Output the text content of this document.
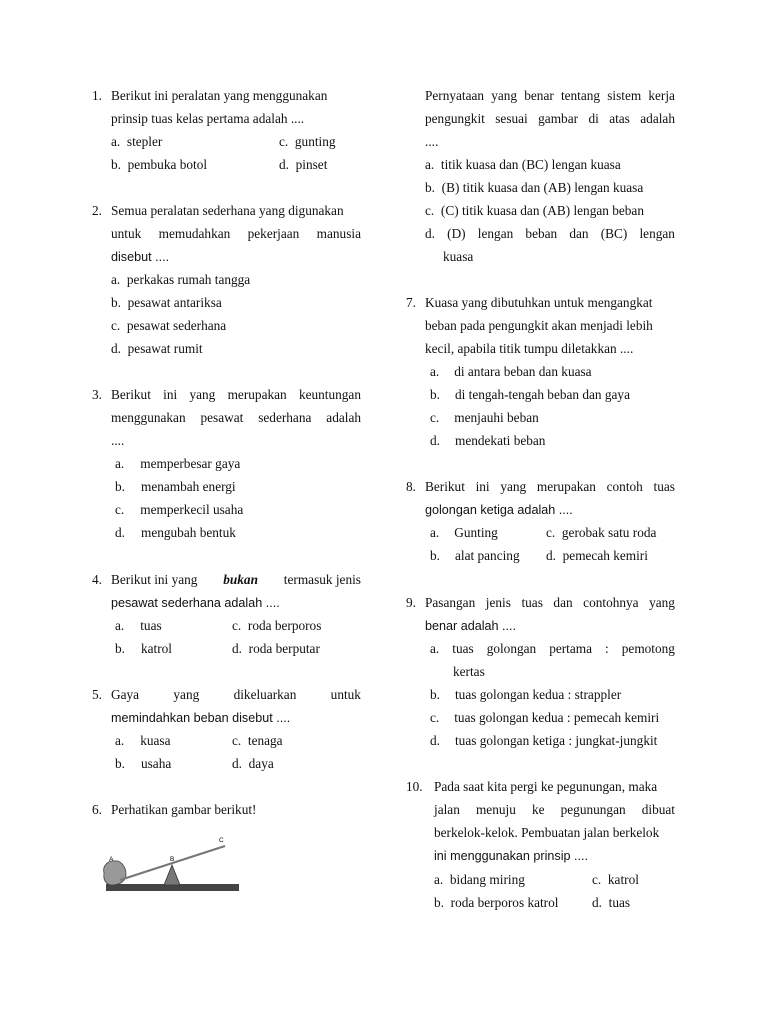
1. Berikut ini peralatan yang menggunakan
prinsip tuas kelas pertama adalah ....
a. stepler	c. gunting
b. pembuka botol	d. pinset
2. Semua peralatan sederhana yang digunakan
untuk memudahkan pekerjaan manusia
disebut ....
a. perkakas rumah tangga
b. pesawat antariksa
c. pesawat sederhana
d. pesawat rumit
3. Berikut ini yang merupakan keuntungan
menggunakan pesawat sederhana adalah
....
a. memperbesar gaya
b. menambah energi
c. memperkecil usaha
d. mengubah bentuk
4. Berikut ini yang bukan termasuk jenis
pesawat sederhana adalah ....
a. tuas	c. roda berporos
b. katrol	d. roda berputar
5. Gaya	yang	dikeluarkan	untuk
memindahkan beban disebut ....
a. kuasa	c. tenaga
b. usaha	d. daya
6. Perhatikan gambar berikut!
A	B
C
Pernyataan yang benar tentang sistem kerja
pengungkit sesuai gambar di atas adalah
....
a. titik kuasa dan (BC) lengan kuasa
b. (B) titik kuasa dan (AB) lengan kuasa
c. (C) titik kuasa dan (AB) lengan beban
d. (D) lengan beban dan (BC) lengan
kuasa
7. Kuasa yang dibutuhkan untuk mengangkat
beban pada pengungkit akan menjadi lebih
kecil, apabila titik tumpu diletakkan ....
a. di antara beban dan kuasa
b. di tengah-tengah beban dan gaya
c. menjauhi beban
d. mendekati beban
8. Berikut ini yang merupakan contoh tuas
golongan ketiga adalah ....
a. Gunting	c. gerobak satu roda
b. alat pancing d. pemecah kemiri
9. Pasangan jenis tuas dan contohnya yang
benar adalah ....
a. tuas golongan pertama : pemotong
kertas
b. tuas golongan kedua : strappler
c. tuas golongan kedua : pemecah kemiri
d. tuas golongan ketiga : jungkat-jungkit
10. Pada saat kita pergi ke pegunungan, maka
jalan menuju ke pegunungan dibuat
berkelok-kelok. Pembuatan jalan berkelok
ini menggunakan prinsip ....
a. bidang miring	c. katrol
b. roda berporos katrol	d. tuas
